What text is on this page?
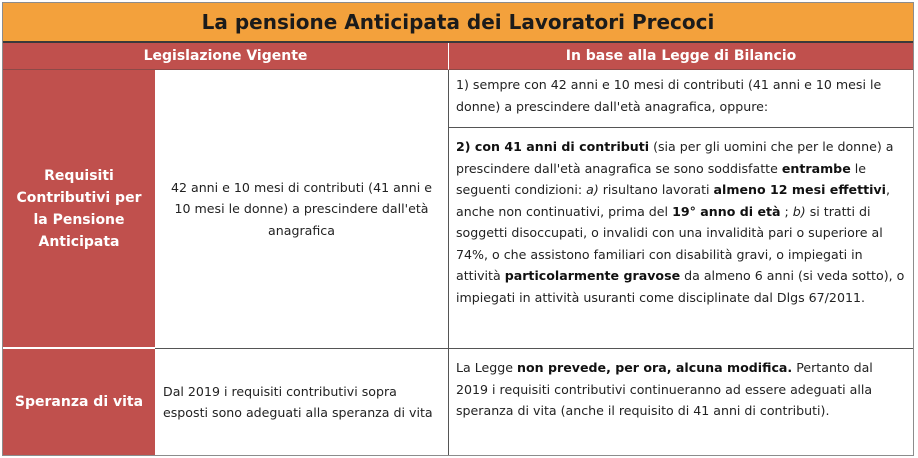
La pensione Anticipata dei Lavoratori Precoci
Legislazione Vigente	In base alla Legge di Bilancio
Requisiti Contributivi per la Pensione Anticipata
42 anni e 10 mesi di contributi (41 anni e 10 mesi le donne) a prescindere dall'età anagrafica
1) sempre con 42 anni e 10 mesi di contributi (41 anni e 10 mesi le donne) a prescindere dall'età anagrafica, oppure:
2) con 41 anni di contributi (sia per gli uomini che per le donne) a prescindere dall'età anagrafica se sono soddisfatte entrambe le seguenti condizioni: a) risultano lavorati almeno 12 mesi effettivi, anche non continuativi, prima del 19° anno di età ; b) si tratti di soggetti disoccupati, o invalidi con una invalidità pari o superiore al 74%, o che assistono familiari con disabilità gravi, o impiegati in attività particolarmente gravose da almeno 6 anni (si veda sotto), o impiegati in attività usuranti come disciplinate dal Dlgs 67/2011.
Speranza di vita
Dal 2019 i requisiti contributivi sopra esposti sono adeguati alla speranza di vita
La Legge non prevede, per ora, alcuna modifica. Pertanto dal 2019 i requisiti contributivi continueranno ad essere adeguati alla speranza di vita (anche il requisito di 41 anni di contributi).
